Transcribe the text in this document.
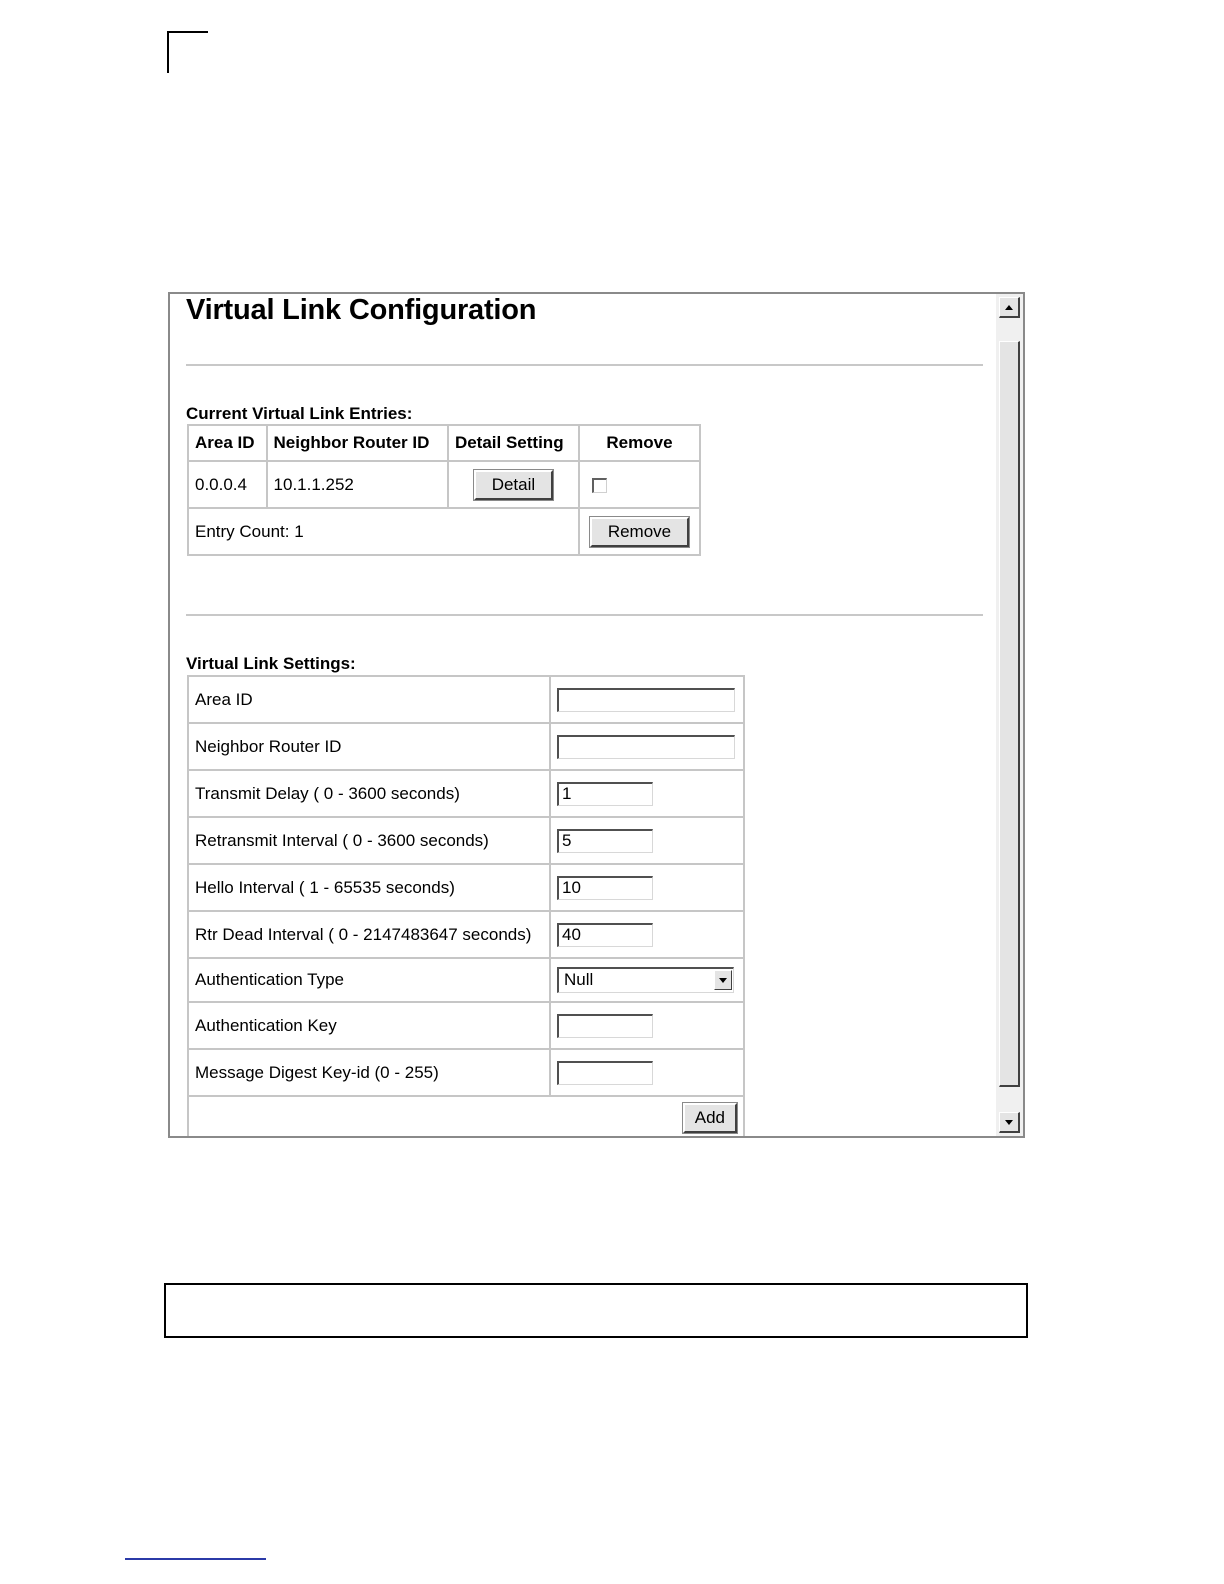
Virtual Link Configuration
Current Virtual Link Entries:
Area ID	Neighbor Router ID	Detail Setting	Remove
0.0.0.4	10.1.1.252	Detail	
Entry Count: 1			Remove
Virtual Link Settings:
Area ID	
Neighbor Router ID	
Transmit Delay ( 0 - 3600 seconds)	1
Retransmit Interval ( 0 - 3600 seconds)	5
Hello Interval ( 1 - 65535 seconds)	10
Rtr Dead Interval ( 0 - 2147483647 seconds)	40
Authentication Type	Null

Authentication Key	
Message Digest Key-id (0 - 255)	
Add	
